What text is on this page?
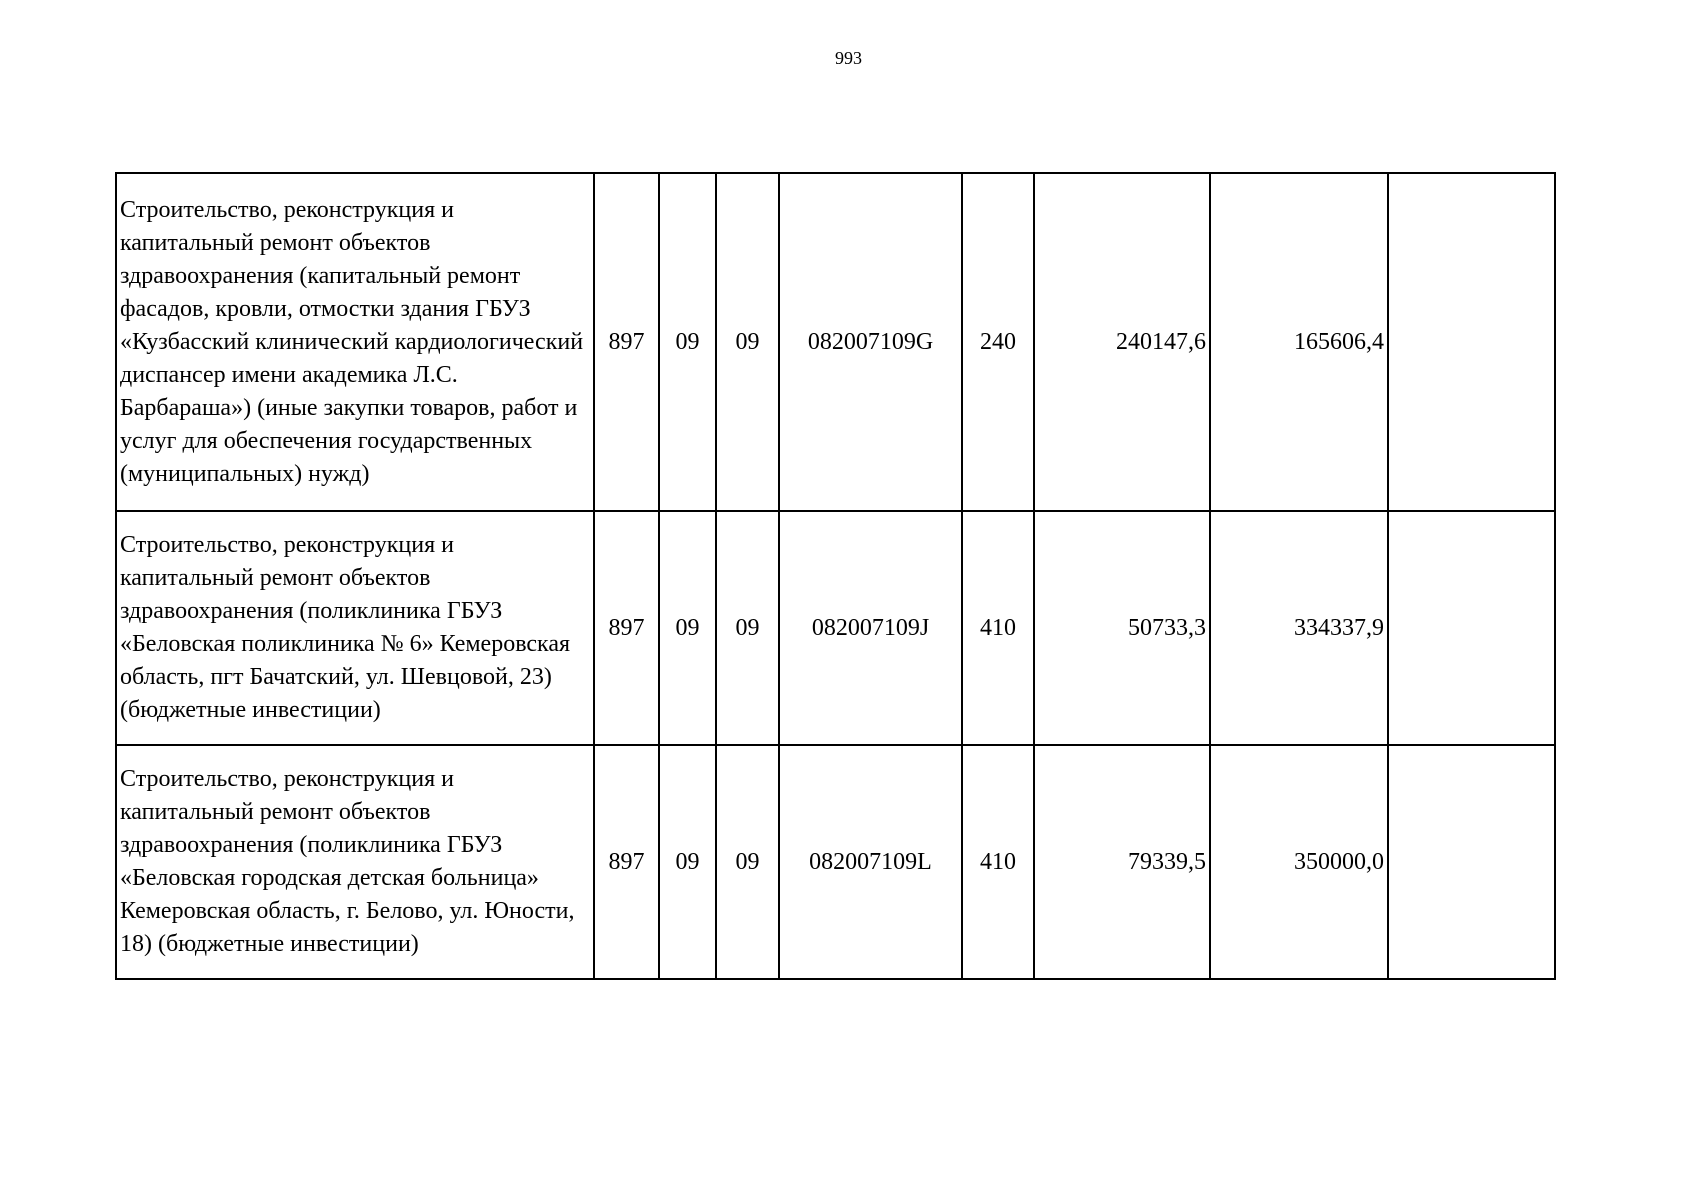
993
Строительство, реконструкция и капитальный ремонт объектов здравоохранения (капитальный ремонт фасадов, кровли, отмостки здания ГБУЗ «Кузбасский клинический кардиологический диспансер имени академика Л.С. Барбараша») (иные закупки товаров, работ и услуг для обеспечения государственных (муниципальных) нужд)	897	09	09	082007109G	240	240147,6	165606,4	
Строительство, реконструкция и капитальный ремонт объектов здравоохранения (поликлиника ГБУЗ «Беловская поликлиника № 6» Кемеровская область, пгт Бачатский, ул. Шевцовой, 23) (бюджетные инвестиции)	897	09	09	082007109J	410	50733,3	334337,9	
Строительство, реконструкция и капитальный ремонт объектов здравоохранения (поликлиника ГБУЗ «Беловская городская детская больница» Кемеровская область, г. Белово, ул. Юности, 18) (бюджетные инвестиции)	897	09	09	082007109L	410	79339,5	350000,0	
